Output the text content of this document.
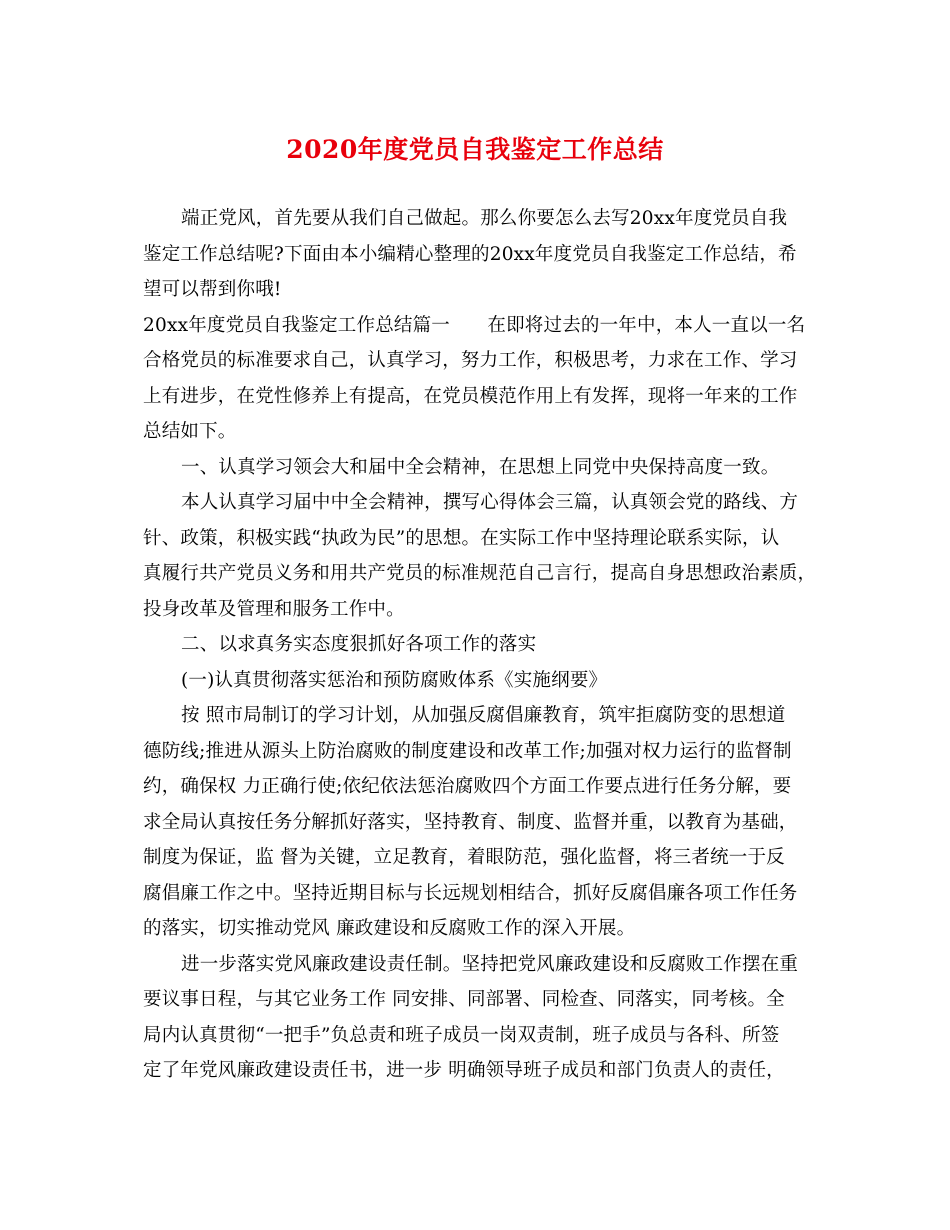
2020年度党员自我鉴定工作总结
端正党风，首先要从我们自己做起。那么你要怎么去写20xx年度党员自我
鉴定工作总结呢?下面由本小编精心整理的20xx年度党员自我鉴定工作总结，希
望可以帮到你哦!
20xx年度党员自我鉴定工作总结篇一　　在即将过去的一年中，本人一直以一名
合格党员的标准要求自己，认真学习，努力工作，积极思考，力求在工作、学习
上有进步，在党性修养上有提高，在党员模范作用上有发挥，现将一年来的工作
总结如下。
一、认真学习领会大和届中全会精神，在思想上同党中央保持高度一致。
本人认真学习届中中全会精神，撰写心得体会三篇，认真领会党的路线、方
针、政策，积极实践“执政为民”的思想。在实际工作中坚持理论联系实际，认
真履行共产党员义务和用共产党员的标准规范自己言行，提高自身思想政治素质，
投身改革及管理和服务工作中。
二、以求真务实态度狠抓好各项工作的落实
(一)认真贯彻落实惩治和预防腐败体系《实施纲要》
按 照市局制订的学习计划，从加强反腐倡廉教育，筑牢拒腐防变的思想道
德防线;推进从源头上防治腐败的制度建设和改革工作;加强对权力运行的监督制
约，确保权 力正确行使;依纪依法惩治腐败四个方面工作要点进行任务分解，要
求全局认真按任务分解抓好落实，坚持教育、制度、监督并重，以教育为基础，
制度为保证，监 督为关键，立足教育，着眼防范，强化监督，将三者统一于反
腐倡廉工作之中。坚持近期目标与长远规划相结合，抓好反腐倡廉各项工作任务
的落实，切实推动党风 廉政建设和反腐败工作的深入开展。
进一步落实党风廉政建设责任制。坚持把党风廉政建设和反腐败工作摆在重
要议事日程，与其它业务工作 同安排、同部署、同检查、同落实，同考核。全
局内认真贯彻“一把手”负总责和班子成员一岗双责制，班子成员与各科、所签
定了年党风廉政建设责任书，进一步 明确领导班子成员和部门负责人的责任，
